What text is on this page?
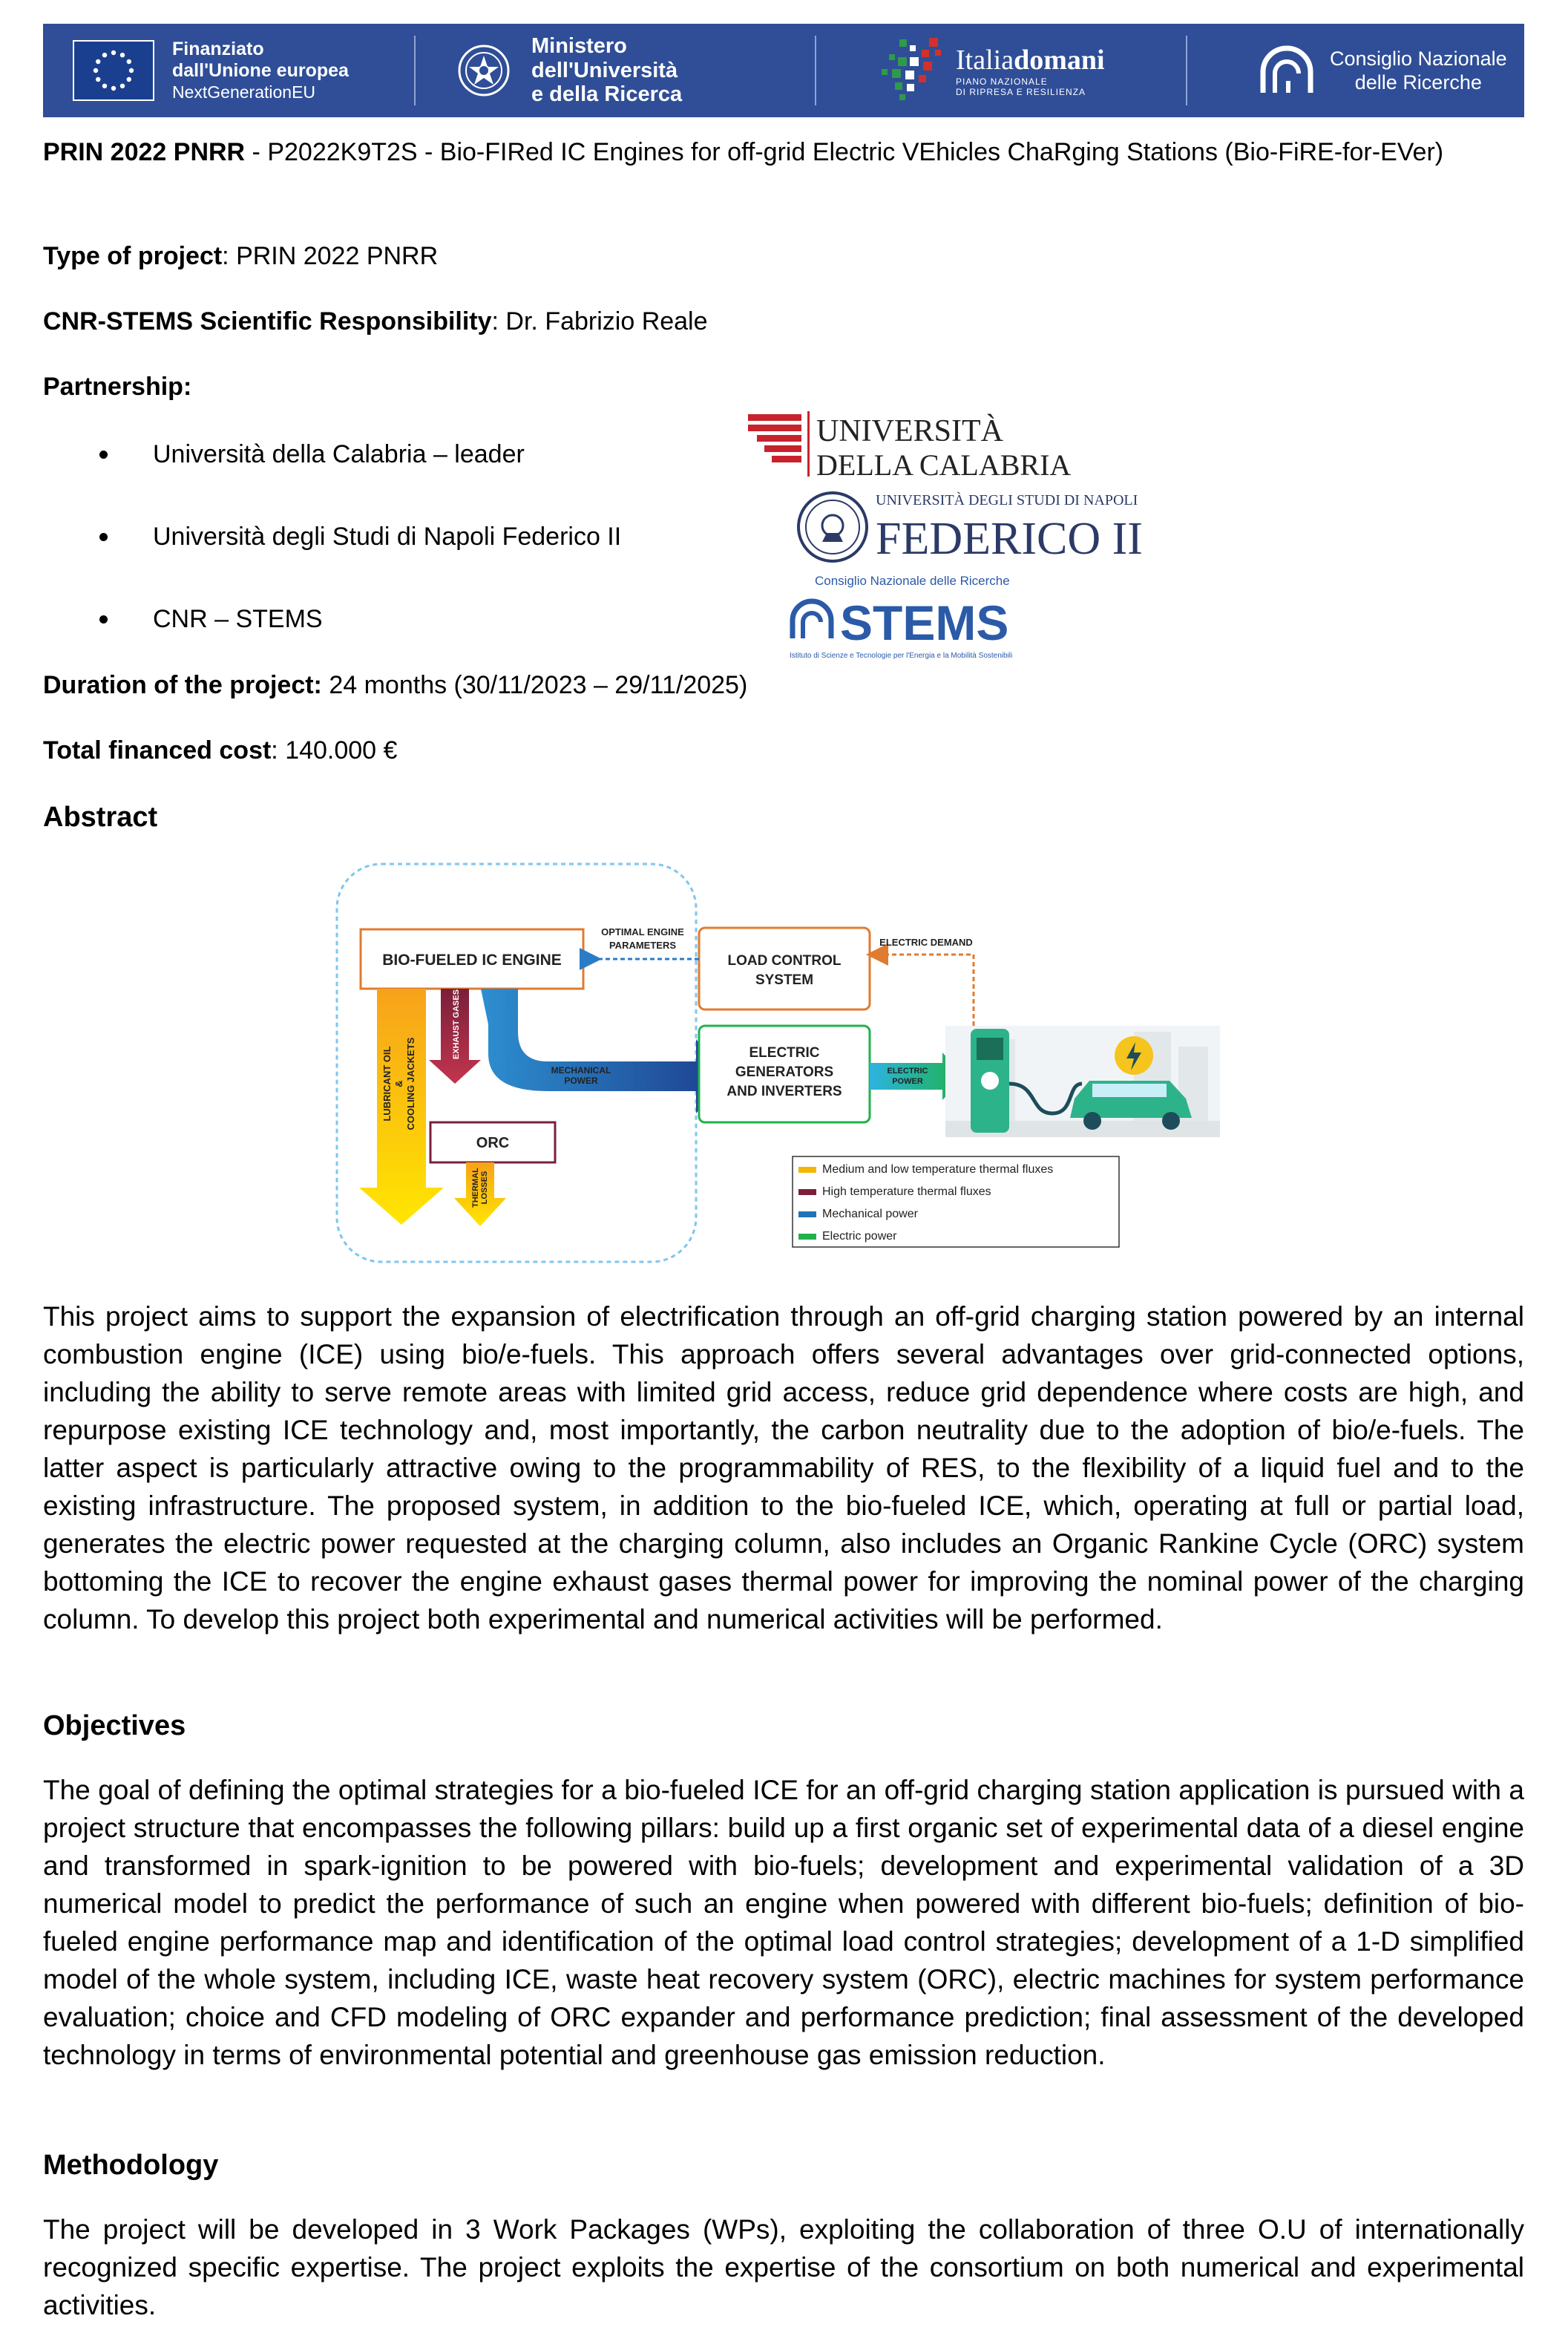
Finanziato
dall'Unione europea
NextGenerationEU
Ministero
dell'Università
e della Ricerca
Italiadomani
PIANO NAZIONALE
DI RIPRESA E RESILIENZA
Consiglio Nazionale
delle Ricerche
PRIN 2022 PNRR - P2022K9T2S - Bio-FIRed IC Engines for off-grid Electric VEhicles ChaRging Stations (Bio-FiRE-for-EVer)
Type of project: PRIN 2022 PNRR
CNR-STEMS Scientific Responsibility: Dr. Fabrizio Reale
Partnership:
Università della Calabria – leader
Università degli Studi di Napoli Federico II
CNR – STEMS
UNIVERSITÀ
DELLA CALABRIA
UNIVERSITÀ DEGLI STUDI DI NAPOLI
FEDERICO II
Consiglio Nazionale delle Ricerche
STEMS
Istituto di Scienze e Tecnologie per l'Energia e la Mobilità Sostenibili
Duration of the project: 24 months (30/11/2023 – 29/11/2025)
Total financed cost: 140.000 €
Abstract
BIO-FUELED IC ENGINE
LUBRICANT OIL & COOLING JACKETS
EXHAUST GASES
MECHANICAL
POWER
ORC
THERMAL LOSSES
LOAD CONTROL
SYSTEM
OPTIMAL ENGINE
PARAMETERS	ELECTRIC DEMAND
ELECTRIC
GENERATORS
AND INVERTERS
ELECTRIC
POWER
Medium and low temperature thermal fluxes
High temperature thermal fluxes
Mechanical power
Electric power
This project aims to support the expansion of electrification through an off-grid charging station powered by an internal combustion engine (ICE) using bio/e-fuels. This approach offers several advantages over grid-connected options, including the ability to serve remote areas with limited grid access, reduce grid dependence where costs are high, and repurpose existing ICE technology and, most importantly, the carbon neutrality due to the adoption of bio/e-fuels. The latter aspect is particularly attractive owing to the programmability of RES, to the flexibility of a liquid fuel and to the existing infrastructure. The proposed system, in addition to the bio-fueled ICE, which, operating at full or partial load, generates the electric power requested at the charging column, also includes an Organic Rankine Cycle (ORC) system bottoming the ICE to recover the engine exhaust gases thermal power for improving the nominal power of the charging column. To develop this project both experimental and numerical activities will be performed.
Objectives
The goal of defining the optimal strategies for a bio-fueled ICE for an off-grid charging station application is pursued with a project structure that encompasses the following pillars: build up a first organic set of experimental data of a diesel engine and transformed in spark-ignition to be powered with bio-fuels; development and experimental validation of a 3D numerical model to predict the performance of such an engine when powered with different bio-fuels; definition of bio-fueled engine performance map and identification of the optimal load control strategies; development of a 1-D simplified model of the whole system, including ICE, waste heat recovery system (ORC), electric machines for system performance evaluation; choice and CFD modeling of ORC expander and performance prediction; final assessment of the developed technology in terms of environmental potential and greenhouse gas emission reduction.
Methodology
The project will be developed in 3 Work Packages (WPs), exploiting the collaboration of three O.U of internationally recognized specific expertise. The project exploits the expertise of the consortium on both numerical and experimental activities.
